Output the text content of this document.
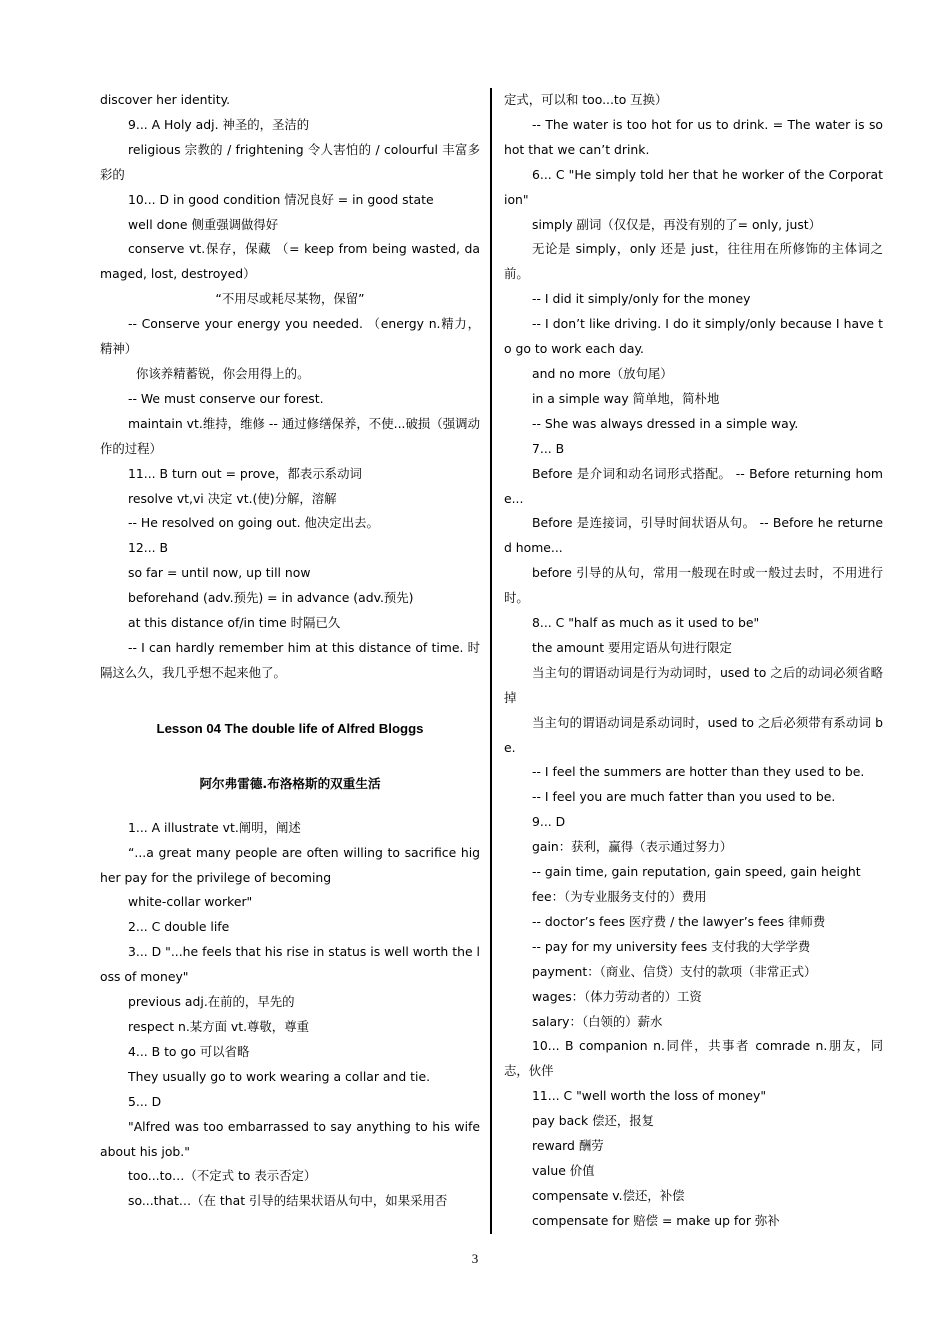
discover her identity.

9... A Holy adj. 神圣的，圣洁的

religious 宗教的 / frightening 令人害怕的 / colourful 丰富多彩的

10... D in good condition 情况良好 = in good state

well done 侧重强调做得好

conserve vt.保存，保藏 （= keep from being wasted, damaged, lost, destroyed）

“不用尽或耗尽某物，保留”

-- Conserve your energy you needed. （energy n.精力，精神）

你该养精蓄锐，你会用得上的。

-- We must conserve our forest.

maintain vt.维持，维修 -- 通过修缮保养，不使...破损（强调动作的过程）

11... B turn out = prove，都表示系动词

resolve vt,vi 决定 vt.(使)分解，溶解

-- He resolved on going out. 他决定出去。

12... B

so far = until now, up till now

beforehand (adv.预先) = in advance (adv.预先)

at this distance of/in time 时隔已久

-- I can hardly remember him at this distance of time. 时隔这么久，我几乎想不起来他了。

Lesson 04 The double life of Alfred Bloggs

阿尔弗雷德.布洛格斯的双重生活

1... A illustrate vt.阐明，阐述

“...a great many people are often willing to sacrifice higher pay for the privilege of becoming

white-collar worker"

2... C double life

3... D "...he feels that his rise in status is well worth the loss of money"

previous adj.在前的，早先的

respect n.某方面 vt.尊敬，尊重

4... B to go 可以省略

They usually go to work wearing a collar and tie.

5... D

"Alfred was too embarrassed to say anything to his wife about his job."

too...to…（不定式 to 表示否定）

so...that…（在 that 引导的结果状语从句中，如果采用否

定式，可以和 too...to 互换）

-- The water is too hot for us to drink. = The water is so hot that we can’t drink.

6... C "He simply told her that he worker of the Corporation"

simply 副词（仅仅是，再没有别的了= only, just）

无论是 simply，only 还是 just，往往用在所修饰的主体词之前。

-- I did it simply/only for the money

-- I don’t like driving. I do it simply/only because I have to go to work each day.

and no more（放句尾）

in a simple way 简单地，简朴地

-- She was always dressed in a simple way.

7... B

Before 是介词和动名词形式搭配。 -- Before returning home...

Before 是连接词，引导时间状语从句。 -- Before he returned home...

before 引导的从句，常用一般现在时或一般过去时，不用进行时。

8... C "half as much as it used to be"

the amount 要用定语从句进行限定

当主句的谓语动词是行为动词时，used to 之后的动词必须省略掉

当主句的谓语动词是系动词时，used to 之后必须带有系动词 be.

-- I feel the summers are hotter than they used to be.

-- I feel you are much fatter than you used to be.

9... D

gain：获利，赢得（表示通过努力）

-- gain time, gain reputation, gain speed, gain height

fee：（为专业服务支付的）费用

-- doctor’s fees 医疗费 / the lawyer’s fees 律师费

-- pay for my university fees 支付我的大学学费

payment：（商业、信贷）支付的款项（非常正式）

wages：（体力劳动者的）工资

salary：（白领的）薪水

10... B companion n.同伴，共事者 comrade n.朋友，同志，伙伴

11... C "well worth the loss of money"

pay back 偿还，报复

reward 酬劳

value 价值

compensate v.偿还，补偿

compensate for 赔偿 = make up for 弥补

3
